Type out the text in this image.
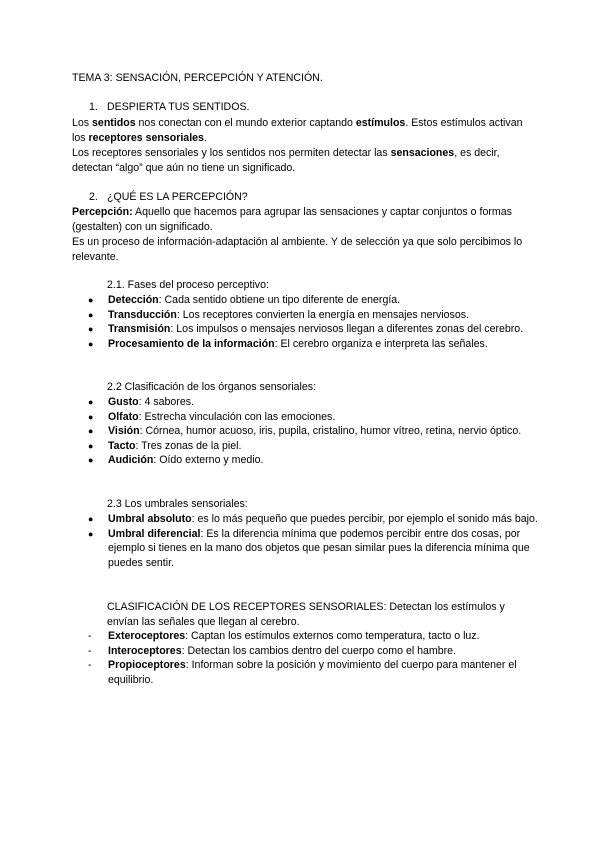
TEMA 3: SENSACIÓN, PERCEPCIÓN Y ATENCIÓN.

1. DESPIERTA TUS SENTIDOS.

Los sentidos nos conectan con el mundo exterior captando estímulos. Estos estímulos activan los receptores sensoriales.

Los receptores sensoriales y los sentidos nos permiten detectar las sensaciones, es decir, detectan “algo” que aún no tiene un significado.

2. ¿QUÉ ES LA PERCEPCIÓN?

Percepción: Aquello que hacemos para agrupar las sensaciones y captar conjuntos o formas (gestalten) con un significado.

Es un proceso de información-adaptación al ambiente. Y de selección ya que solo percibimos lo relevante.

2.1. Fases del proceso perceptivo:

● Detección: Cada sentido obtiene un tipo diferente de energía.
● Transducción: Los receptores convierten la energía en mensajes nerviosos.
● Transmisión: Los impulsos o mensajes nerviosos llegan a diferentes zonas del cerebro.
● Procesamiento de la información: El cerebro organiza e interpreta las señales.

2.2 Clasificación de los órganos sensoriales:

● Gusto: 4 sabores.
● Olfato: Estrecha vinculación con las emociones.
● Visión: Córnea, humor acuoso, iris, pupila, cristalino, humor vítreo, retina, nervio óptico.
● Tacto: Tres zonas de la piel.
● Audición: Oído externo y medio.

2.3 Los umbrales sensoriales:

● Umbral absoluto: es lo más pequeño que puedes percibir, por ejemplo el sonido más bajo.
● Umbral diferencial: Es la diferencia mínima que podemos percibir entre dos cosas, por ejemplo si tienes en la mano dos objetos que pesan similar pues la diferencia mínima que puedes sentir.

CLASIFICACIÓN DE LOS RECEPTORES SENSORIALES: Detectan los estímulos y envían las señales que llegan al cerebro.

- Exteroceptores: Captan los estímulos externos como temperatura, tacto o luz.
- Interoceptores: Detectan los cambios dentro del cuerpo como el hambre.
- Propioceptores: Informan sobre la posición y movimiento del cuerpo para mantener el equilibrio.
